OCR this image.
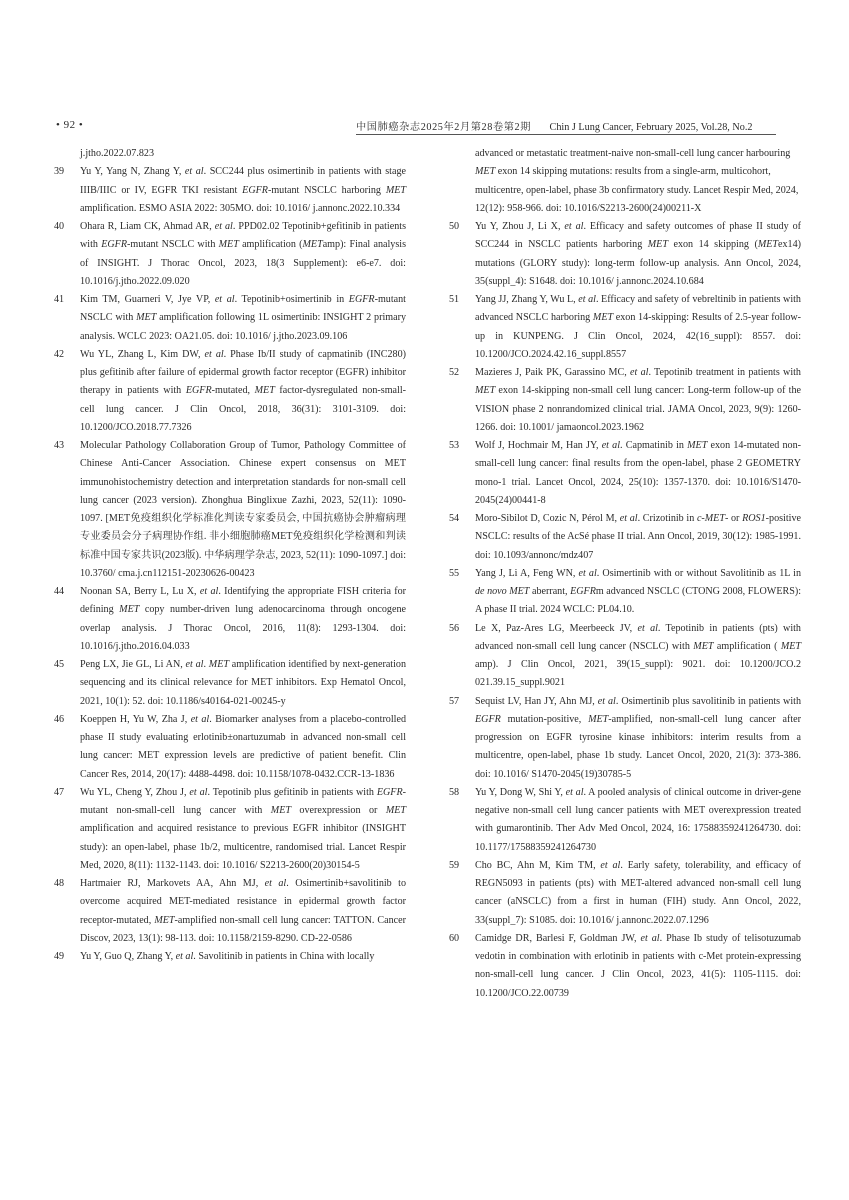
• 92 •	中国肺癌杂志2025年2月第28卷第2期 Chin J Lung Cancer, February 2025, Vol.28, No.2
j.jtho.2022.07.823
39	Yu Y, Yang N, Zhang Y, et al. SCC244 plus osimertinib in patients with stage IIIB/IIIC or IV, EGFR TKI resistant EGFR-mutant NSCLC harboring MET amplification. ESMO ASIA 2022: 305MO. doi: 10.1016/ j.annonc.2022.10.334
40	Ohara R, Liam CK, Ahmad AR, et al. PPD02.02 Tepotinib+gefitinib in patients with EGFR-mutant NSCLC with MET amplification (METamp): Final analysis of INSIGHT. J Thorac Oncol, 2023, 18(3 Supplement): e6-e7. doi: 10.1016/j.jtho.2022.09.020
41	Kim TM, Guarneri V, Jye VP, et al. Tepotinib+osimertinib in EGFR-mutant NSCLC with MET amplification following 1L osimertinib: INSIGHT 2 primary analysis. WCLC 2023: OA21.05. doi: 10.1016/ j.jtho.2023.09.106
42	Wu YL, Zhang L, Kim DW, et al. Phase Ib/II study of capmatinib (INC280) plus gefitinib after failure of epidermal growth factor receptor (EGFR) inhibitor therapy in patients with EGFR-mutated, MET factor-dysregulated non-small-cell lung cancer. J Clin Oncol, 2018, 36(31): 3101-3109. doi: 10.1200/JCO.2018.77.7326
43	Molecular Pathology Collaboration Group of Tumor, Pathology Committee of Chinese Anti-Cancer Association. Chinese expert consensus on MET immunohistochemistry detection and interpretation standards for non-small cell lung cancer (2023 version). Zhonghua Binglixue Zazhi, 2023, 52(11): 1090-1097. [MET免疫组织化学标准化判读专家委员会, 中国抗癌协会肿瘤病理专业委员会分子病理协作组. 非小细胞肺癌MET免疫组织化学检测和判读标准中国专家共识(2023版). 中华病理学杂志, 2023, 52(11): 1090-1097.] doi: 10.3760/ cma.j.cn112151-20230626-00423
44	Noonan SA, Berry L, Lu X, et al. Identifying the appropriate FISH criteria for defining MET copy number-driven lung adenocarcinoma through oncogene overlap analysis. J Thorac Oncol, 2016, 11(8): 1293-1304. doi: 10.1016/j.jtho.2016.04.033
45	Peng LX, Jie GL, Li AN, et al. MET amplification identified by next-generation sequencing and its clinical relevance for MET inhibitors. Exp Hematol Oncol, 2021, 10(1): 52. doi: 10.1186/s40164-021-00245-y
46	Koeppen H, Yu W, Zha J, et al. Biomarker analyses from a placebo-controlled phase II study evaluating erlotinib±onartuzumab in advanced non-small cell lung cancer: MET expression levels are predictive of patient benefit. Clin Cancer Res, 2014, 20(17): 4488-4498. doi: 10.1158/1078-0432.CCR-13-1836
47	Wu YL, Cheng Y, Zhou J, et al. Tepotinib plus gefitinib in patients with EGFR-mutant non-small-cell lung cancer with MET overexpression or MET amplification and acquired resistance to previous EGFR inhibitor (INSIGHT study): an open-label, phase 1b/2, multicentre, randomised trial. Lancet Respir Med, 2020, 8(11): 1132-1143. doi: 10.1016/ S2213-2600(20)30154-5
48	Hartmaier RJ, Markovets AA, Ahn MJ, et al. Osimertinib+savolitinib to overcome acquired MET-mediated resistance in epidermal growth factor receptor-mutated, MET-amplified non-small cell lung cancer: TATTON. Cancer Discov, 2023, 13(1): 98-113. doi: 10.1158/2159-8290. CD-22-0586
49	Yu Y, Guo Q, Zhang Y, et al. Savolitinib in patients in China with locally
advanced or metastatic treatment-naive non-small-cell lung cancer harbouring MET exon 14 skipping mutations: results from a single-arm, multicohort, multicentre, open-label, phase 3b confirmatory study. Lancet Respir Med, 2024, 12(12): 958-966. doi: 10.1016/S2213-2600(24)00211-X
50	Yu Y, Zhou J, Li X, et al. Efficacy and safety outcomes of phase II study of SCC244 in NSCLC patients harboring MET exon 14 skipping (METex14) mutations (GLORY study): long-term follow-up analysis. Ann Oncol, 2024, 35(suppl_4): S1648. doi: 10.1016/ j.annonc.2024.10.684
51	Yang JJ, Zhang Y, Wu L, et al. Efficacy and safety of vebreltinib in patients with advanced NSCLC harboring MET exon 14-skipping: Results of 2.5-year follow-up in KUNPENG. J Clin Oncol, 2024, 42(16_suppl): 8557. doi: 10.1200/JCO.2024.42.16_suppl.8557
52	Mazieres J, Paik PK, Garassino MC, et al. Tepotinib treatment in patients with MET exon 14-skipping non-small cell lung cancer: Long-term follow-up of the VISION phase 2 nonrandomized clinical trial. JAMA Oncol, 2023, 9(9): 1260-1266. doi: 10.1001/ jamaoncol.2023.1962
53	Wolf J, Hochmair M, Han JY, et al. Capmatinib in MET exon 14-mutated non-small-cell lung cancer: final results from the open-label, phase 2 GEOMETRY mono-1 trial. Lancet Oncol, 2024, 25(10): 1357-1370. doi: 10.1016/S1470-2045(24)00441-8
54	Moro-Sibilot D, Cozic N, Pérol M, et al. Crizotinib in c-MET- or ROS1-positive NSCLC: results of the AcSé phase II trial. Ann Oncol, 2019, 30(12): 1985-1991. doi: 10.1093/annonc/mdz407
55	Yang J, Li A, Feng WN, et al. Osimertinib with or without Savolitinib as 1L in de novo MET aberrant, EGFRm advanced NSCLC (CTONG 2008, FLOWERS): A phase II trial. 2024 WCLC: PL04.10.
56	Le X, Paz-Ares LG, Meerbeeck JV, et al. Tepotinib in patients (pts) with advanced non-small cell lung cancer (NSCLC) with MET amplification ( MET amp). J Clin Oncol, 2021, 39(15_suppl): 9021. doi: 10.1200/JCO.2 021.39.15_suppl.9021
57	Sequist LV, Han JY, Ahn MJ, et al. Osimertinib plus savolitinib in patients with EGFR mutation-positive, MET-amplified, non-small-cell lung cancer after progression on EGFR tyrosine kinase inhibitors: interim results from a multicentre, open-label, phase 1b study. Lancet Oncol, 2020, 21(3): 373-386. doi: 10.1016/ S1470-2045(19)30785-5
58	Yu Y, Dong W, Shi Y, et al. A pooled analysis of clinical outcome in driver-gene negative non-small cell lung cancer patients with MET overexpression treated with gumarontinib. Ther Adv Med Oncol, 2024, 16: 17588359241264730. doi: 10.1177/17588359241264730
59	Cho BC, Ahn M, Kim TM, et al. Early safety, tolerability, and efficacy of REGN5093 in patients (pts) with MET-altered advanced non-small cell lung cancer (aNSCLC) from a first in human (FIH) study. Ann Oncol, 2022, 33(suppl_7): S1085. doi: 10.1016/ j.annonc.2022.07.1296
60	Camidge DR, Barlesi F, Goldman JW, et al. Phase Ib study of telisotuzumab vedotin in combination with erlotinib in patients with c-Met protein-expressing non-small-cell lung cancer. J Clin Oncol, 2023, 41(5): 1105-1115. doi: 10.1200/JCO.22.00739
